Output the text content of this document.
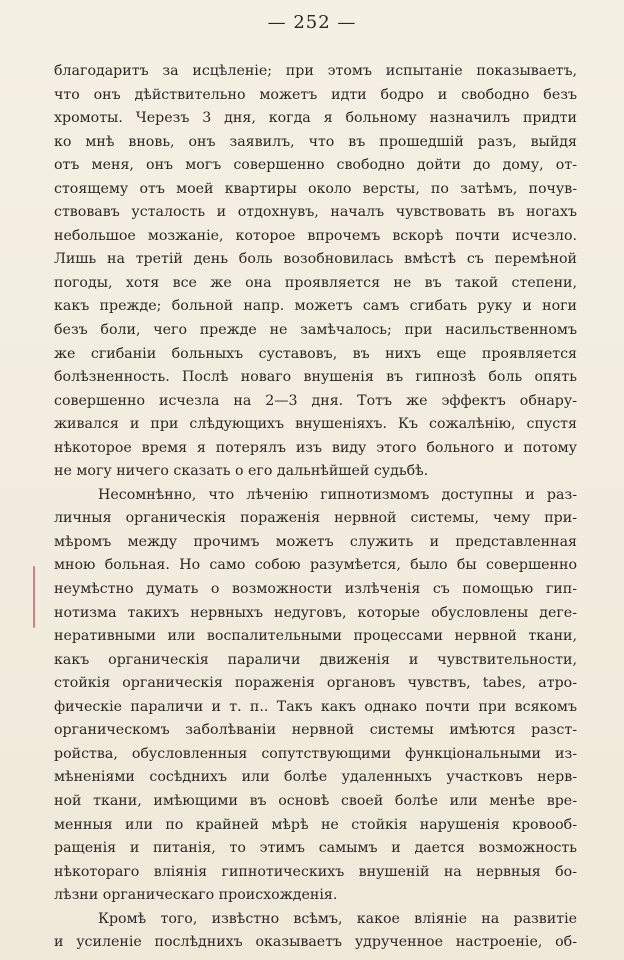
— 252 —
благодаритъ за исцѣленіе; при этомъ испытаніе показываетъ,
что онъ дѣйствительно можетъ идти бодро и свободно безъ
хромоты. Черезъ 3 дня, когда я больному назначилъ придти
ко мнѣ вновь, онъ заявилъ, что въ прошедшій разъ, выйдя
отъ меня, онъ могъ совершенно свободно дойти до дому, от-
стоящему отъ моей квартиры около версты, по затѣмъ, почув-
ствовавъ усталость и отдохнувъ, началъ чувствовать въ ногахъ
небольшое мозжаніе, которое впрочемъ вскорѣ почти исчезло.
Лишь на третій день боль возобновилась вмѣстѣ съ перемѣной
погоды, хотя все же она проявляется не въ такой степени,
какъ прежде; больной напр. можетъ самъ сгибать руку и ноги
безъ боли, чего прежде не замѣчалось; при насильственномъ
же сгибаніи больныхъ суставовъ, въ нихъ еще проявляется
болѣзненность. Послѣ новаго внушенія въ гипнозѣ боль опять
совершенно исчезла на 2—3 дня. Тотъ же эффектъ обнару-
живался и при слѣдующихъ внушеніяхъ. Къ сожалѣнію, спустя
нѣкоторое время я потерялъ изъ виду этого больного и потому
не могу ничего сказать о его дальнѣйшей судьбѣ.
Несомнѣнно, что лѣченію гипнотизмомъ доступны и раз-
личныя органическія пораженія нервной системы, чему при-
мѣромъ между прочимъ можетъ служить и представленная
мною больная. Но само собою разумѣется, было бы совершенно
неумѣстно думать о возможности излѣченія съ помощью гип-
нотизма такихъ нервныхъ недуговъ, которые обусловлены деге-
неративными или воспалительными процессами нервной ткани,
какъ органическія параличи движенія и чувствительности,
стойкія органическія пораженія органовъ чувствъ, tabes, атро-
фическіе параличи и т. п.. Такъ какъ однако почти при всякомъ
органическомъ заболѣваніи нервной системы имѣются разст-
ройства, обусловленныя сопутствующими функціональными из-
мѣненіями сосѣднихъ или болѣе удаленныхъ участковъ нерв-
ной ткани, имѣющими въ основѣ своей болѣе или менѣе вре-
менныя или по крайней мѣрѣ не стойкія нарушенія кровооб-
ращенія и питанія, то этимъ самымъ и дается возможность
нѣкотораго вліянія гипнотическихъ внушеній на нервныя бо-
лѣзни органическаго происхожденія.
Кромѣ того, извѣстно всѣмъ, какое вліяніе на развитіе
и усиленіе послѣднихъ оказываетъ удрученное настроеніе, об-
